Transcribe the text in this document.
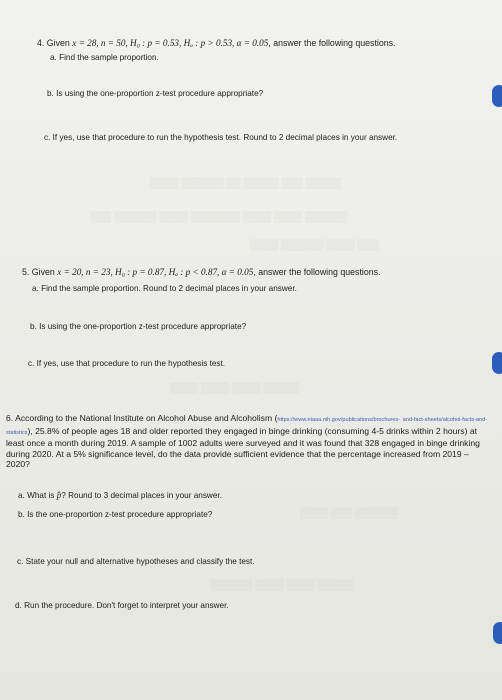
▒▒▒▒ ▒▒▒▒▒▒ ▒▒ ▒▒▒▒▒ ▒▒▒ ▒▒▒▒▒
▒▒▒ ▒▒▒▒▒▒ ▒▒▒▒ ▒▒▒▒▒▒▒ ▒▒▒▒ ▒▒▒▒ ▒▒▒▒▒▒
▒▒▒▒ ▒▒▒▒▒▒ ▒▒▒▒ ▒▒▒
▒▒▒▒ ▒▒▒▒ ▒▒▒▒ ▒▒▒▒▒
▒▒▒▒ ▒▒▒ ▒▒▒▒▒▒
▒▒▒▒▒▒ ▒▒▒▒ ▒▒▒▒ ▒▒▒▒▒
4. Given x = 28, n = 50, H₀ : p = 0.53, Hₐ : p > 0.53, α = 0.05, answer the following questions.
a. Find the sample proportion.
b. Is using the one-proportion z-test procedure appropriate?
c. If yes, use that procedure to run the hypothesis test. Round to 2 decimal places in your answer.
5. Given x = 20, n = 23, H₀ : p = 0.87, Hₐ : p < 0.87, α = 0.05, answer the following questions.
a. Find the sample proportion. Round to 2 decimal places in your answer.
b. Is using the one-proportion z-test procedure appropriate?
c. If yes, use that procedure to run the hypothesis test.
6. According to the National Institute on Alcohol Abuse and Alcoholism (https://www.niaaa.nih.gov/publications/brochures- and-fact-sheets/alcohol-facts-and-statistics), 25.8% of people ages 18 and older reported they engaged in binge drinking (consuming 4-5 drinks within 2 hours) at least once a month during 2019. A sample of 1002 adults were surveyed and it was found that 328 engaged in binge drinking during 2020. At a 5% significance level, do the data provide sufficient evidence that the percentage increased from 2019 – 2020?
a. What is p̂? Round to 3 decimal places in your answer.
b. Is the one-proportion z-test procedure appropriate?
c. State your null and alternative hypotheses and classify the test.
d. Run the procedure. Don't forget to interpret your answer.
